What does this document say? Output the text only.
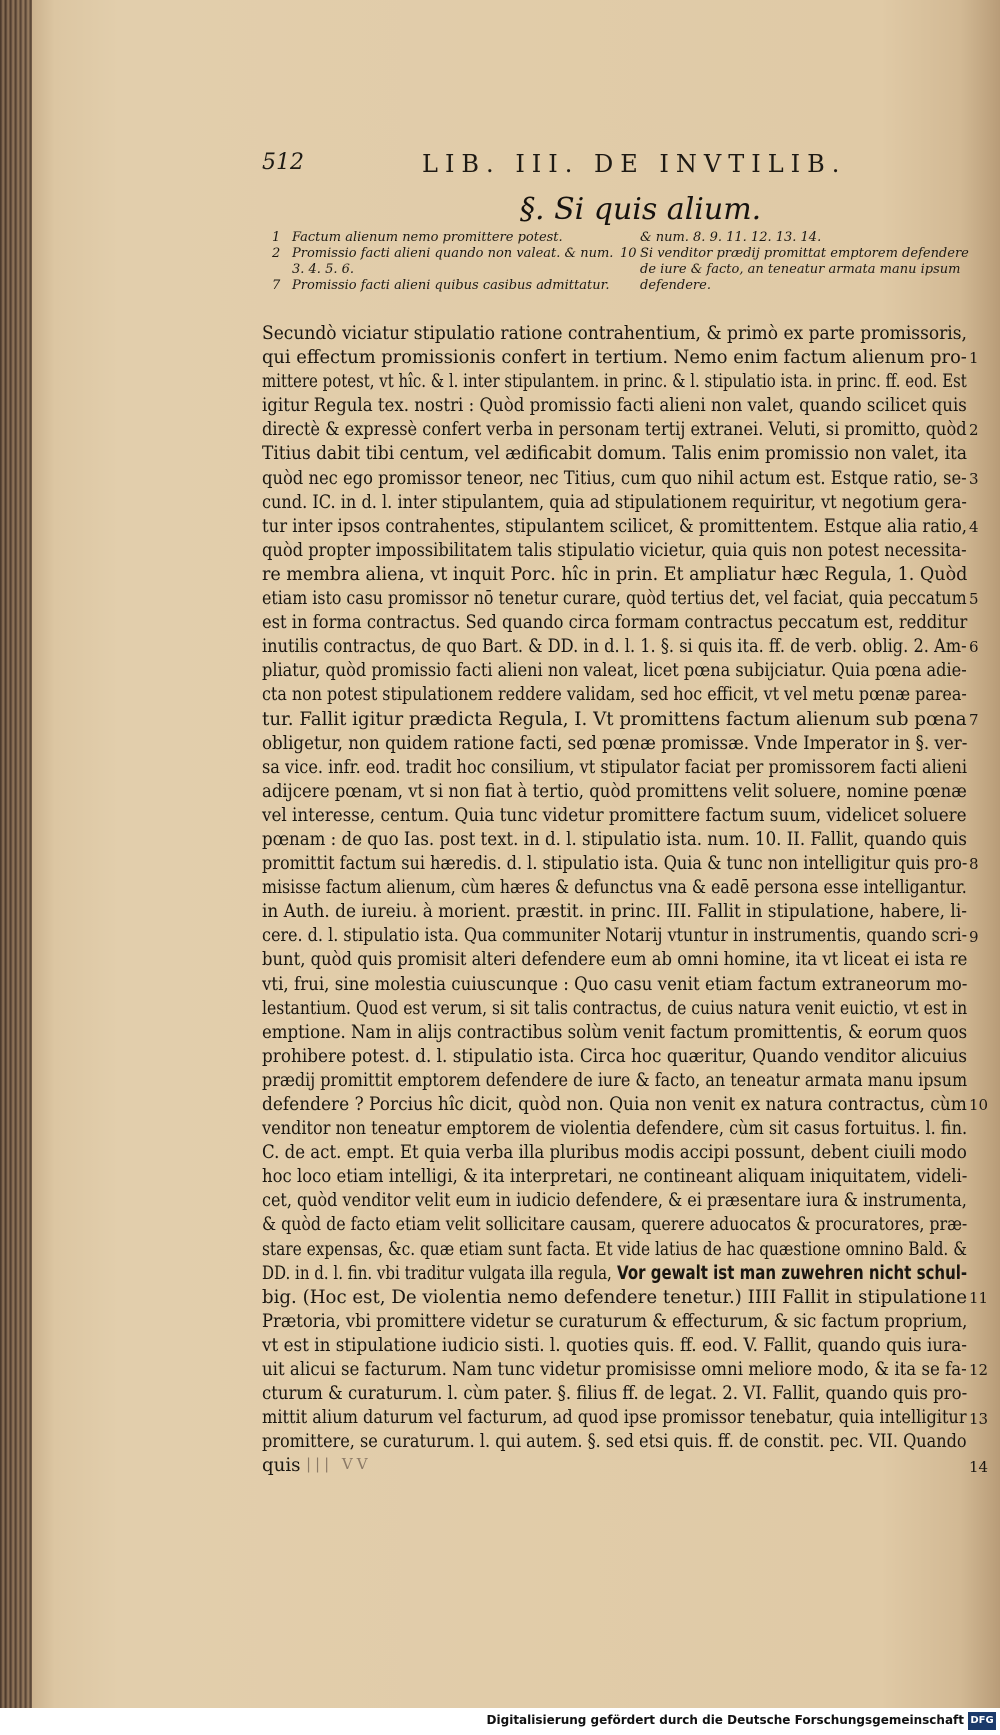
512	LIB. III. DE INVTILIB.
§. Si quis alium.
1 Factum alienum nemo promittere potest.
2 Promissio facti alieni quando non valeat. & num.
3. 4. 5. 6.
7 Promissio facti alieni quibus casibus admittatur.
& num. 8. 9. 11. 12. 13. 14.
10 Si venditor prædij promittat emptorem defendere
de iure & facto, an teneatur armata manu ipsum
defendere.
Secundò viciatur stipulatio ratione contrahentium, & primò ex parte promissoris,
qui effectum promissionis confert in tertium. Nemo enim factum alienum pro-
mittere potest, vt hîc. & l. inter stipulantem. in princ. & l. stipulatio ista. in princ. ff. eod. Est
igitur Regula tex. nostri : Quòd promissio facti alieni non valet, quando scilicet quis
directè & expressè confert verba in personam tertij extranei. Veluti, si promitto, quòd
Titius dabit tibi centum, vel ædificabit domum. Talis enim promissio non valet, ita
quòd nec ego promissor teneor, nec Titius, cum quo nihil actum est. Estque ratio, se-
cund. IC. in d. l. inter stipulantem, quia ad stipulationem requiritur, vt negotium gera-
tur inter ipsos contrahentes, stipulantem scilicet, & promittentem. Estque alia ratio,
quòd propter impossibilitatem talis stipulatio vicietur, quia quis non potest necessita-
re membra aliena, vt inquit Porc. hîc in prin. Et ampliatur hæc Regula, 1. Quòd
etiam isto casu promissor nō tenetur curare, quòd tertius det, vel faciat, quia peccatum
est in forma contractus. Sed quando circa formam contractus peccatum est, redditur
inutilis contractus, de quo Bart. & DD. in d. l. 1. §. si quis ita. ff. de verb. oblig. 2. Am-
pliatur, quòd promissio facti alieni non valeat, licet pœna subijciatur. Quia pœna adie-
cta non potest stipulationem reddere validam, sed hoc efficit, vt vel metu pœnæ parea-
tur. Fallit igitur prædicta Regula, I. Vt promittens factum alienum sub pœna
obligetur, non quidem ratione facti, sed pœnæ promissæ. Vnde Imperator in §. ver-
sa vice. infr. eod. tradit hoc consilium, vt stipulator faciat per promissorem facti alieni
adijcere pœnam, vt si non fiat à tertio, quòd promittens velit soluere, nomine pœnæ
vel interesse, centum. Quia tunc videtur promittere factum suum, videlicet soluere
pœnam : de quo Ias. post text. in d. l. stipulatio ista. num. 10. II. Fallit, quando quis
promittit factum sui hæredis. d. l. stipulatio ista. Quia & tunc non intelligitur quis pro-
misisse factum alienum, cùm hæres & defunctus vna & eadē persona esse intelligantur.
in Auth. de iureiu. à morient. præstit. in princ. III. Fallit in stipulatione, habere, li-
cere. d. l. stipulatio ista. Qua communiter Notarij vtuntur in instrumentis, quando scri-
bunt, quòd quis promisit alteri defendere eum ab omni homine, ita vt liceat ei ista re
vti, frui, sine molestia cuiuscunque : Quo casu venit etiam factum extraneorum mo-
lestantium. Quod est verum, si sit talis contractus, de cuius natura venit euictio, vt est in
emptione. Nam in alijs contractibus solùm venit factum promittentis, & eorum quos
prohibere potest. d. l. stipulatio ista. Circa hoc quæritur, Quando venditor alicuius
prædij promittit emptorem defendere de iure & facto, an teneatur armata manu ipsum
defendere ? Porcius hîc dicit, quòd non. Quia non venit ex natura contractus, cùm
venditor non teneatur emptorem de violentia defendere, cùm sit casus fortuitus. l. fin.
C. de act. empt. Et quia verba illa pluribus modis accipi possunt, debent ciuili modo
hoc loco etiam intelligi, & ita interpretari, ne contineant aliquam iniquitatem, videli-
cet, quòd venditor velit eum in iudicio defendere, & ei præsentare iura & instrumenta,
& quòd de facto etiam velit sollicitare causam, querere aduocatos & procuratores, præ-
stare expensas, &c. quæ etiam sunt facta. Et vide latius de hac quæstione omnino Bald. &
DD. in d. l. fin. vbi traditur vulgata illa regula, Vor gewalt ist man zuwehren nicht schul-
big. (Hoc est, De violentia nemo defendere tenetur.) IIII Fallit in stipulatione
Prætoria, vbi promittere videtur se curaturum & effecturum, & sic factum proprium,
vt est in stipulatione iudicio sisti. l. quoties quis. ff. eod. V. Fallit, quando quis iura-
uit alicui se facturum. Nam tunc videtur promisisse omni meliore modo, & ita se fa-
cturum & curaturum. l. cùm pater. §. filius ff. de legat. 2. VI. Fallit, quando quis pro-
mittit alium daturum vel facturum, ad quod ipse promissor tenebatur, quia intelligitur
promittere, se curaturum. l. qui autem. §. sed etsi quis. ff. de constit. pec. VII. Quando
quis
1
2
3
4
5
6
7
8
9
10
11
12
13
14
||| VV
Digitalisierung gefördert durch die Deutsche Forschungsgemeinschaft DFG
